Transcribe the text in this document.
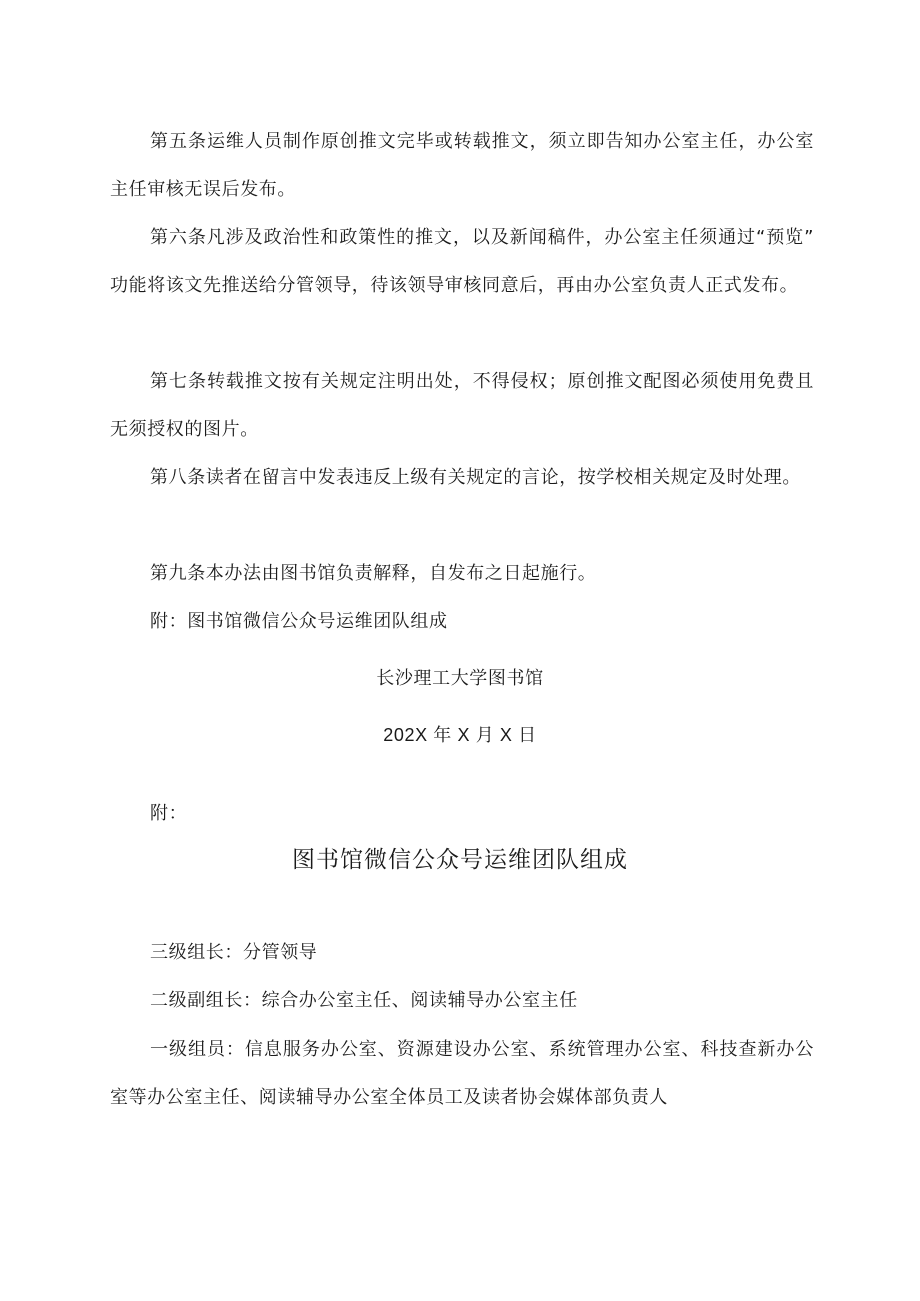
第五条运维人员制作原创推文完毕或转载推文，须立即告知办公室主任，办公室主任审核无误后发布。

第六条凡涉及政治性和政策性的推文，以及新闻稿件，办公室主任须通过“预览” 功能将该文先推送给分管领导，待该领导审核同意后，再由办公室负责人正式发布。

第七条转载推文按有关规定注明出处，不得侵权；原创推文配图必须使用免费且无须授权的图片。

第八条读者在留言中发表违反上级有关规定的言论，按学校相关规定及时处理。

第九条本办法由图书馆负责解释，自发布之日起施行。

附：图书馆微信公众号运维团队组成

长沙理工大学图书馆
202X 年 X 月 X 日
附：
图书馆微信公众号运维团队组成
三级组长：分管领导
二级副组长：综合办公室主任、阅读辅导办公室主任

一级组员：信息服务办公室、资源建设办公室、系统管理办公室、科技查新办公室等办公室主任、阅读辅导办公室全体员工及读者协会媒体部负责人
